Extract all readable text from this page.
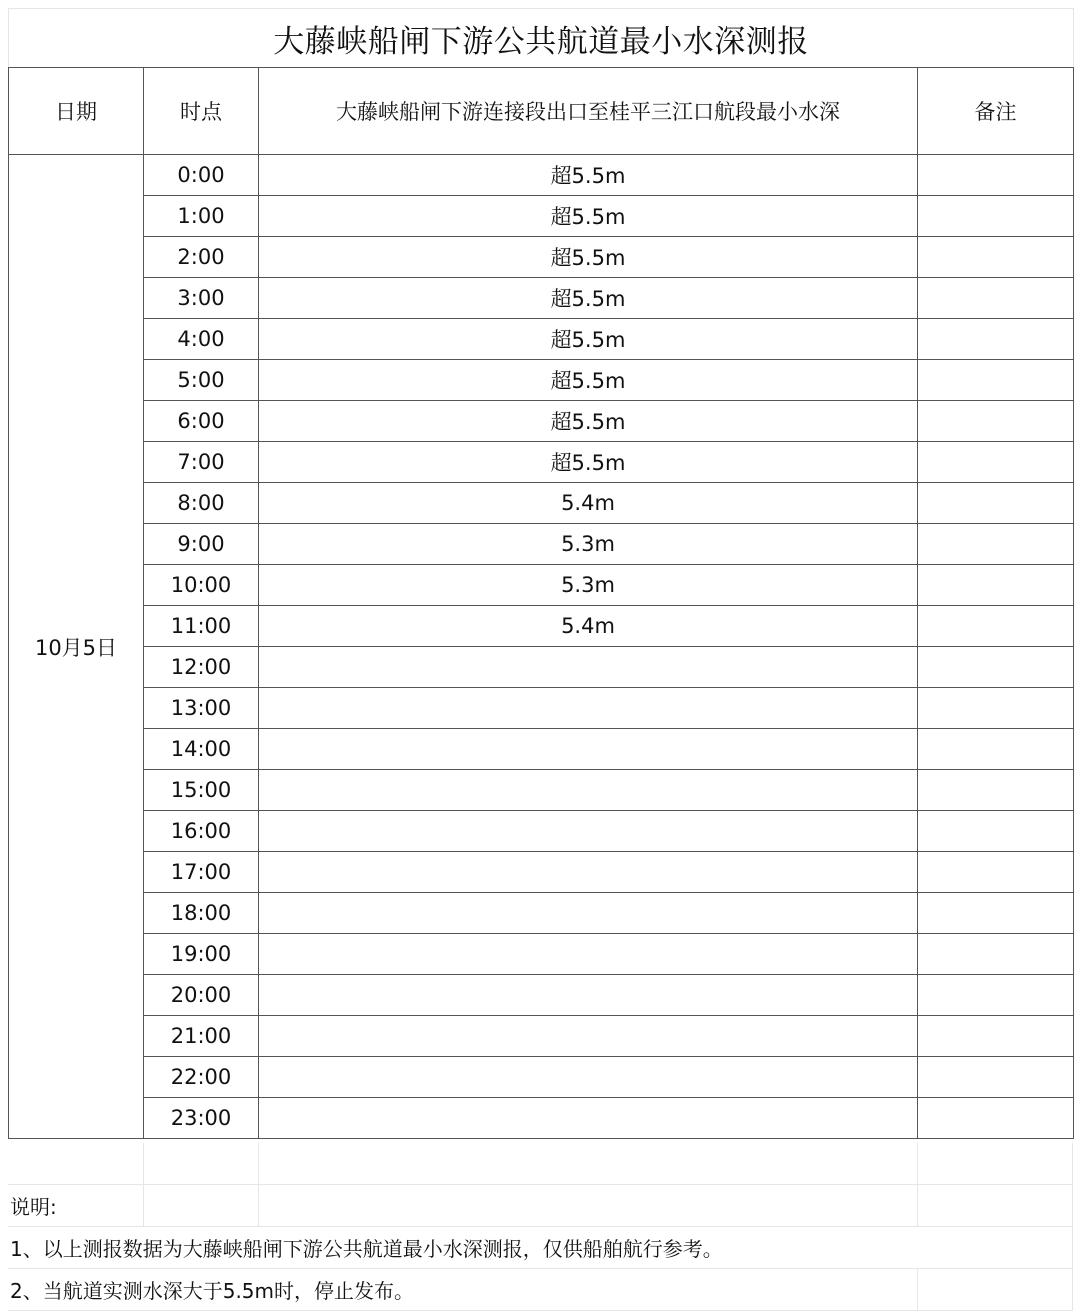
大藤峡船闸下游公共航道最小水深测报
日期	时点	大藤峡船闸下游连接段出口至桂平三江口航段最小水深	备注
10月5日	0:00	超5.5m	
	1:00	超5.5m	
	2:00	超5.5m	
	3:00	超5.5m	
	4:00	超5.5m	
	5:00	超5.5m	
	6:00	超5.5m	
	7:00	超5.5m	
	8:00	5.4m	
	9:00	5.3m	
	10:00	5.3m	
	11:00	5.4m	
	12:00		
	13:00		
	14:00		
	15:00		
	16:00		
	17:00		
	18:00		
	19:00		
	20:00		
	21:00		
	22:00		
	23:00		
说明:
1、以上测报数据为大藤峡船闸下游公共航道最小水深测报，仅供船舶航行参考。
2、当航道实测水深大于5.5m时，停止发布。
